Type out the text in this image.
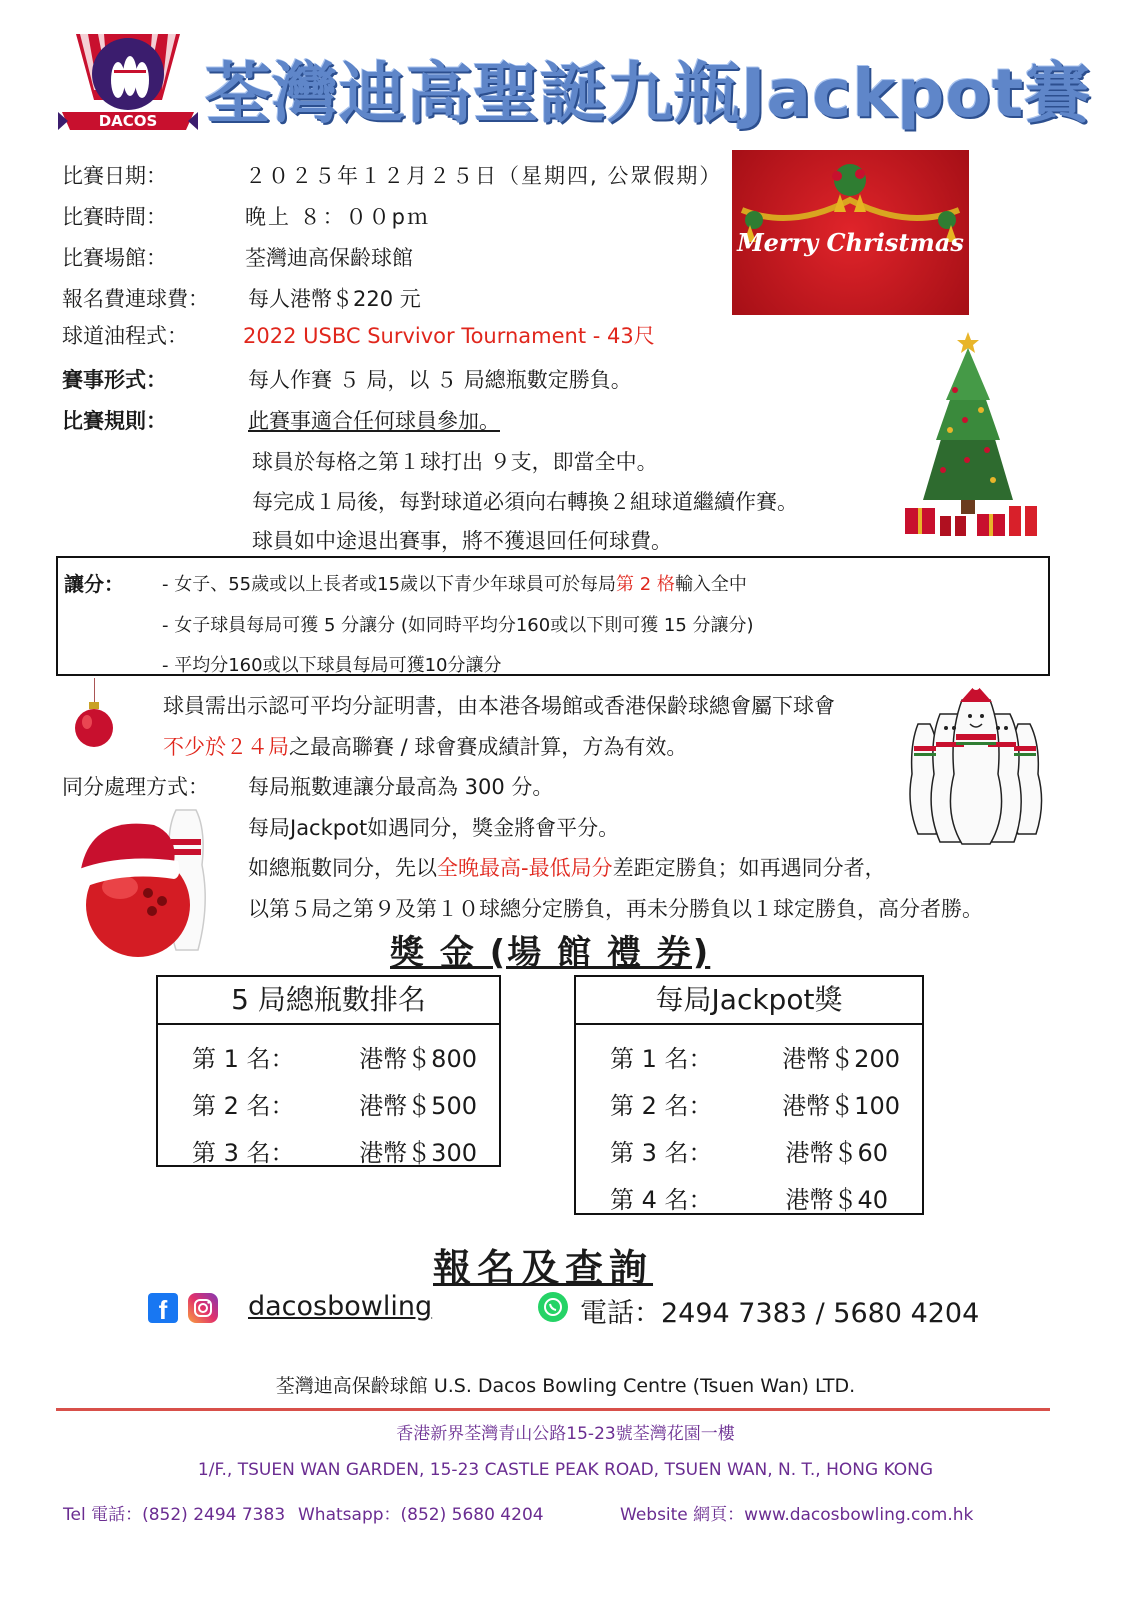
DACOS 荃灣迪高聖誕九瓶Jackpot賽
比賽日期：	２０２５年１２月２５日（星期四, 公眾假期）
比賽時間：	晚上 ８：００pｍ
比賽場館：	荃灣迪高保齡球館
報名費連球費： 每人港幣＄220 元
球道油程式：	2022 USBC Survivor Tournament - 43尺
賽事形式：	每人作賽 ５ 局，以 ５ 局總瓶數定勝負。
比賽規則：	此賽事適合任何球員參加。
球員於每格之第１球打出 ９支，即當全中。
每完成１局後，每對球道必須向右轉換２組球道繼續作賽。
球員如中途退出賽事，將不獲退回任何球費。
Merry Christmas
讓分： - 女子、55歲或以上長者或15歲以下青少年球員可於每局第 2 格輸入全中
- 女子球員每局可獲 5 分讓分 (如同時平均分160或以下則可獲 15 分讓分)
- 平均分160或以下球員每局可獲10分讓分
球員需出示認可平均分証明書，由本港各場館或香港保齡球總會屬下球會
不少於２４局之最高聯賽 / 球會賽成績計算，方為有效。
同分處理方式： 每局瓶數連讓分最高為 300 分。
每局Jackpot如遇同分，獎金將會平分。
如總瓶數同分，先以全晚最高-最低局分差距定勝負；如再遇同分者，
以第５局之第９及第１０球總分定勝負，再未分勝負以１球定勝負，高分者勝。
獎 金 (場 館 禮 券)
5 局總瓶數排名
第 1 名：	港幣＄800
第 2 名：	港幣＄500
第 3 名：	港幣＄300
每局Jackpot獎
第 1 名：	港幣＄200
第 2 名：	港幣＄100
第 3 名：	港幣＄60
第 4 名：	港幣＄40
報名及查詢
f	dacosbowling	電話：2494 7383 / 5680 4204
荃灣迪高保齡球館 U.S. Dacos Bowling Centre (Tsuen Wan) LTD.
香港新界荃灣青山公路15-23號荃灣花園一樓
1/F., TSUEN WAN GARDEN, 15-23 CASTLE PEAK ROAD, TSUEN WAN, N. T., HONG KONG
Tel 電話：(852) 2494 7383 Whatsapp：(852) 5680 4204	Website 網頁：www.dacosbowling.com.hk
